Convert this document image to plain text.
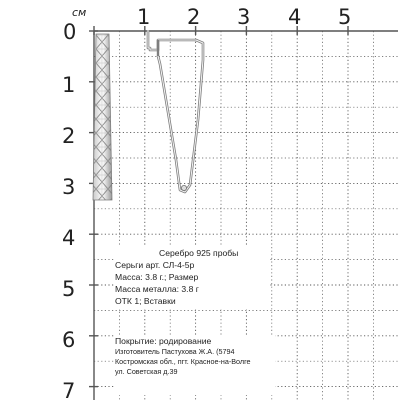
см
0
1 2 3 4 5
1
2
3
4
5
6
7
Серебро 925 пробы
Серьги арт. СЛ-4-5р
Масса: 3.8 г.; Размер
Масса металла: 3.8 г
ОТК 1; Вставки
Покрытие: родирование
Изготовитель Пастухова Ж.А. (5794
Костромская обл., пгт. Красное-на-Волге
ул. Советская д.39
